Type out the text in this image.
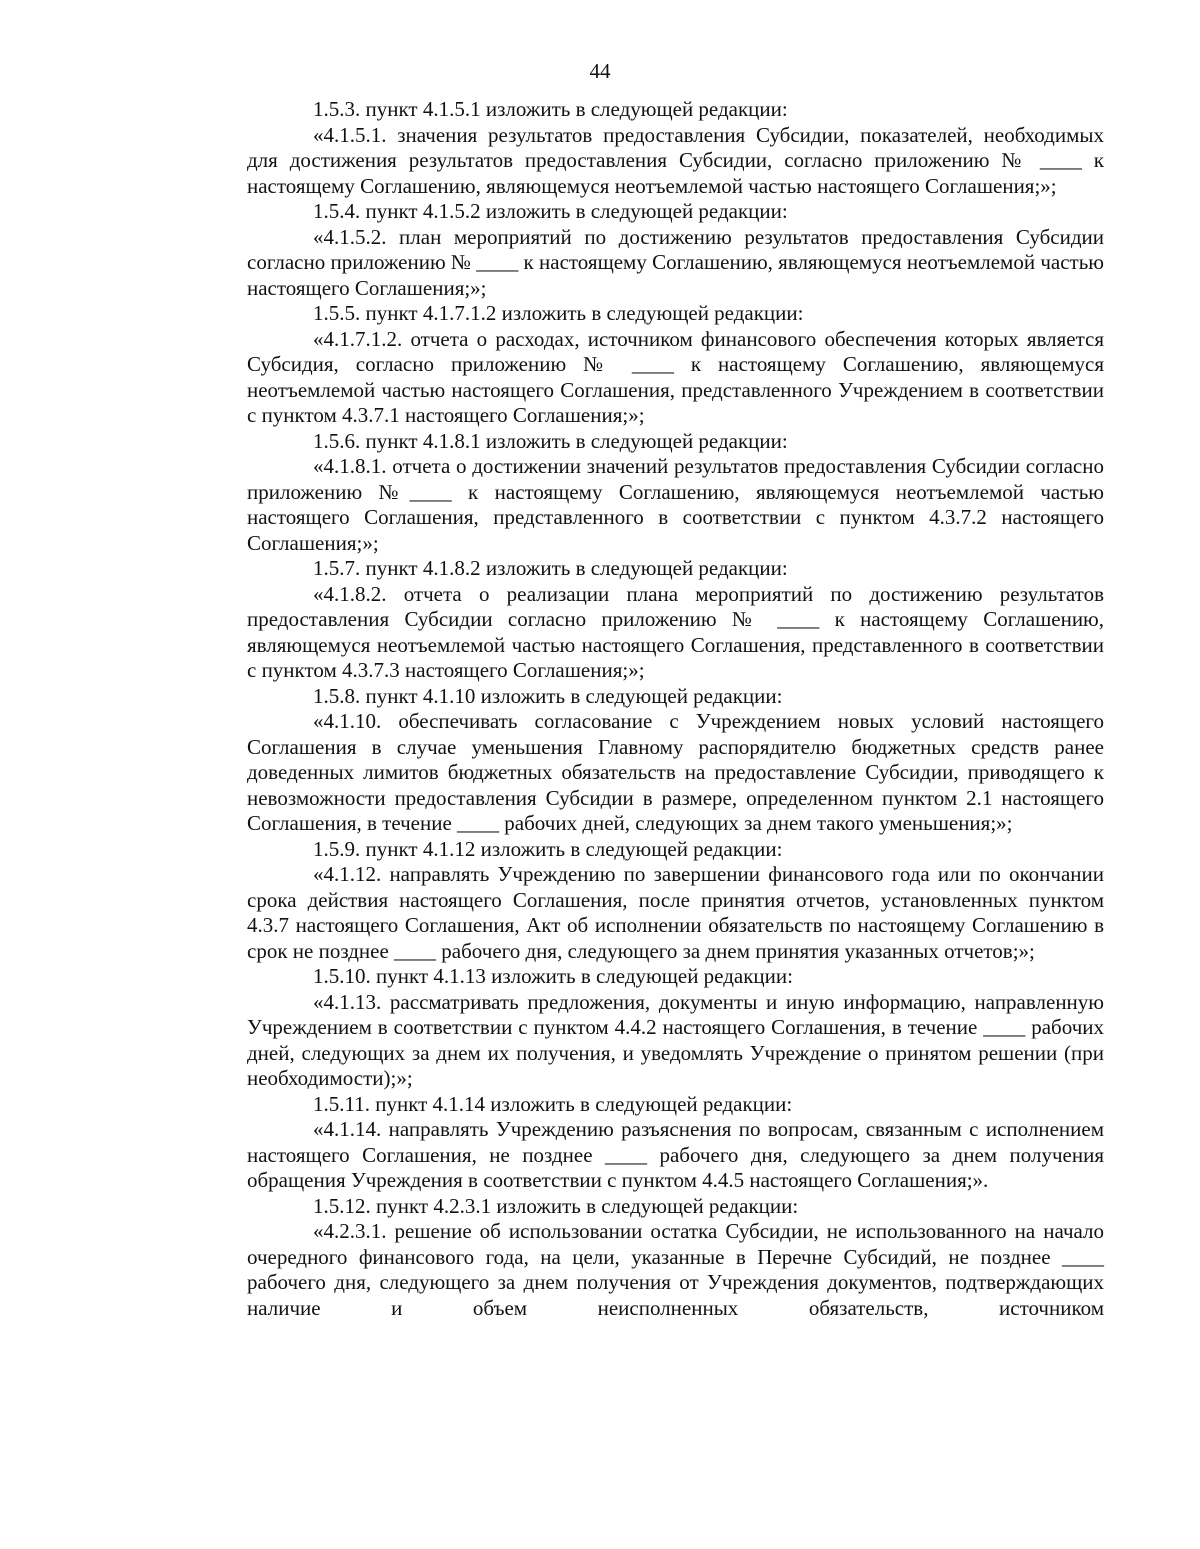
44

1.5.3. пункт 4.1.5.1 изложить в следующей редакции:

«4.1.5.1. значения результатов предоставления Субсидии, показателей, необходимых для достижения результатов предоставления Субсидии, согласно приложению № ____ к настоящему Соглашению, являющемуся неотъемлемой частью настоящего Соглашения;»;

1.5.4. пункт 4.1.5.2 изложить в следующей редакции:

«4.1.5.2. план мероприятий по достижению результатов предоставления Субсидии согласно приложению № ____ к настоящему Соглашению, являющемуся неотъемлемой частью настоящего Соглашения;»;

1.5.5. пункт 4.1.7.1.2 изложить в следующей редакции:

«4.1.7.1.2. отчета о расходах, источником финансового обеспечения которых является Субсидия, согласно приложению № ____ к настоящему Соглашению, являющемуся неотъемлемой частью настоящего Соглашения, представленного Учреждением в соответствии с пунктом 4.3.7.1 настоящего Соглашения;»;

1.5.6. пункт 4.1.8.1 изложить в следующей редакции:

«4.1.8.1. отчета о достижении значений результатов предоставления Субсидии согласно приложению №____ к настоящему Соглашению, являющемуся неотъемлемой частью настоящего Соглашения, представленного в соответствии с пунктом 4.3.7.2 настоящего Соглашения;»;

1.5.7. пункт 4.1.8.2 изложить в следующей редакции:

«4.1.8.2. отчета о реализации плана мероприятий по достижению результатов предоставления Субсидии согласно приложению № ____ к настоящему Соглашению, являющемуся неотъемлемой частью настоящего Соглашения, представленного в соответствии с пунктом 4.3.7.3 настоящего Соглашения;»;

1.5.8. пункт 4.1.10 изложить в следующей редакции:

«4.1.10. обеспечивать согласование с Учреждением новых условий настоящего Соглашения в случае уменьшения Главному распорядителю бюджетных средств ранее доведенных лимитов бюджетных обязательств на предоставление Субсидии, приводящего к невозможности предоставления Субсидии в размере, определенном пунктом 2.1 настоящего Соглашения, в течение ____ рабочих дней, следующих за днем такого уменьшения;»;

1.5.9. пункт 4.1.12 изложить в следующей редакции:

«4.1.12. направлять Учреждению по завершении финансового года или по окончании срока действия настоящего Соглашения, после принятия отчетов, установленных пунктом 4.3.7 настоящего Соглашения, Акт об исполнении обязательств по настоящему Соглашению в срок не позднее ____ рабочего дня, следующего за днем принятия указанных отчетов;»;

1.5.10. пункт 4.1.13 изложить в следующей редакции:

«4.1.13. рассматривать предложения, документы и иную информацию, направленную Учреждением в соответствии с пунктом 4.4.2 настоящего Соглашения, в течение ____ рабочих дней, следующих за днем их получения, и уведомлять Учреждение о принятом решении (при необходимости);»;

1.5.11. пункт 4.1.14 изложить в следующей редакции:

«4.1.14. направлять Учреждению разъяснения по вопросам, связанным с исполнением настоящего Соглашения, не позднее ____ рабочего дня, следующего за днем получения обращения Учреждения в соответствии с пунктом 4.4.5 настоящего Соглашения;».

1.5.12. пункт 4.2.3.1 изложить в следующей редакции:

«4.2.3.1. решение об использовании остатка Субсидии, не использованного на начало очередного финансового года, на цели, указанные в Перечне Субсидий, не позднее ____ рабочего дня, следующего за днем получения от Учреждения документов, подтверждающих наличие и объем неисполненных обязательств, источником
